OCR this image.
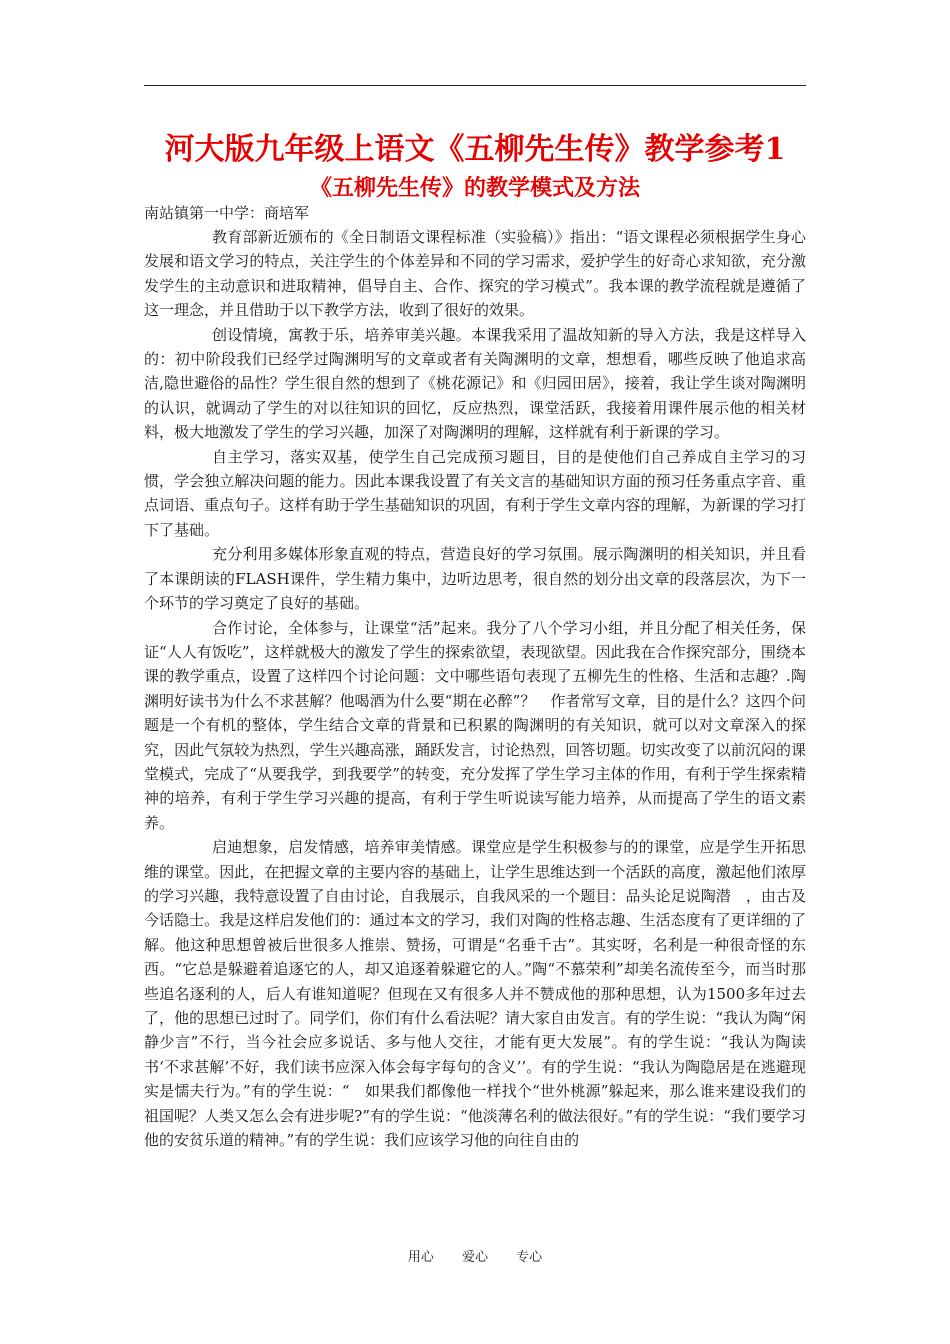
河大版九年级上语文《五柳先生传》教学参考1
《五柳先生传》的教学模式及方法

南站镇第一中学：商培军

教育部新近颁布的《全日制语文课程标准（实验稿）》指出：“语文课程必须根据学生身心发展和语文学习的特点，关注学生的个体差异和不同的学习需求，爱护学生的好奇心求知欲，充分激发学生的主动意识和进取精神，倡导自主、合作、探究的学习模式”。我本课的教学流程就是遵循了这一理念，并且借助于以下教学方法，收到了很好的效果。

创设情境，寓教于乐，培养审美兴趣。本课我采用了温故知新的导入方法，我是这样导入的：初中阶段我们已经学过陶渊明写的文章或者有关陶渊明的文章，想想看，哪些反映了他追求高洁,隐世避俗的品性？学生很自然的想到了《桃花源记》和《归园田居》，接着，我让学生谈对陶渊明的认识，就调动了学生的对以往知识的回忆，反应热烈，课堂活跃，我接着用课件展示他的相关材料，极大地激发了学生的学习兴趣，加深了对陶渊明的理解，这样就有利于新课的学习。

自主学习，落实双基，使学生自己完成预习题目，目的是使他们自己养成自主学习的习惯，学会独立解决问题的能力。因此本课我设置了有关文言的基础知识方面的预习任务重点字音、重点词语、重点句子。这样有助于学生基础知识的巩固，有利于学生文章内容的理解，为新课的学习打下了基础。

充分利用多媒体形象直观的特点，营造良好的学习氛围。展示陶渊明的相关知识，并且看了本课朗读的FLASH课件，学生精力集中，边听边思考，很自然的划分出文章的段落层次，为下一个环节的学习奠定了良好的基础。

合作讨论，全体参与，让课堂“活”起来。我分了八个学习小组，并且分配了相关任务，保证“人人有饭吃”，这样就极大的激发了学生的探索欲望，表现欲望。因此我在合作探究部分，围绕本课的教学重点，设置了这样四个讨论问题：文中哪些语句表现了五柳先生的性格、生活和志趣？.陶渊明好读书为什么不求甚解？他喝酒为什么要“期在必醉”？　作者常写文章，目的是什么？这四个问题是一个有机的整体，学生结合文章的背景和已积累的陶渊明的有关知识，就可以对文章深入的探究，因此气氛较为热烈，学生兴趣高涨，踊跃发言，讨论热烈，回答切题。切实改变了以前沉闷的课堂模式，完成了“从要我学，到我要学”的转变，充分发挥了学生学习主体的作用，有利于学生探索精神的培养，有利于学生学习兴趣的提高，有利于学生听说读写能力培养，从而提高了学生的语文素养。

启迪想象，启发情感，培养审美情感。课堂应是学生积极参与的的课堂，应是学生开拓思维的课堂。因此，在把握文章的主要内容的基础上，让学生思维达到一个活跃的高度，激起他们浓厚的学习兴趣，我特意设置了自由讨论，自我展示，自我风采的一个题目：品头论足说陶潜　，由古及今话隐士。我是这样启发他们的：通过本文的学习，我们对陶的性格志趣、生活态度有了更详细的了解。他这种思想曾被后世很多人推崇、赞扬，可谓是“名垂千古”。其实呀，名利是一种很奇怪的东西。“它总是躲避着追逐它的人，却又追逐着躲避它的人。”陶“不慕荣利”却美名流传至今，而当时那些追名逐利的人，后人有谁知道呢？但现在又有很多人并不赞成他的那种思想，认为1500多年过去了，他的思想已过时了。同学们，你们有什么看法呢？请大家自由发言。有的学生说：“我认为陶“闲静少言”不行，当今社会应多说话、多与他人交往，才能有更大发展”。有的学生说：“我认为陶读书‘不求甚解’不好，我们读书应深入体会每字每句的含义’’。有的学生说：“我认为陶隐居是在逃避现实是懦夫行为。”有的学生说：“　如果我们都像他一样找个“世外桃源”躲起来，那么谁来建设我们的祖国呢？人类又怎么会有进步呢?”有的学生说：“他淡薄名利的做法很好。”有的学生说：“我们要学习他的安贫乐道的精神。”有的学生说：我们应该学习他的向往自由的

用心 爱心 专心
